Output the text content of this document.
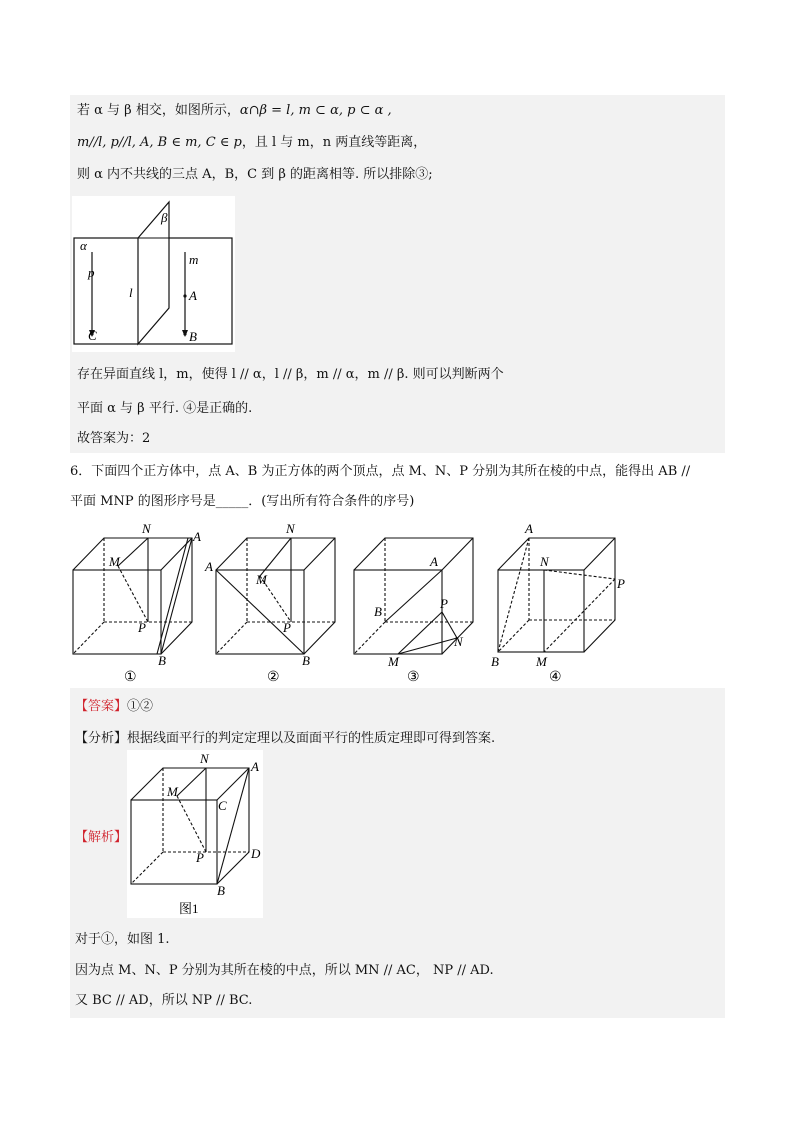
若 α 与 β 相交，如图所示，α∩β = l, m ⊂ α, p ⊂ α ,
m//l, p//l, A, B ∈ m, C ∈ p，且 l 与 m，n 两直线等距离，
则 α 内不共线的三点 A，B，C 到 β 的距离相等. 所以排除③;
α
β
p
l
m
A
C	B
存在异面直线 l，m，使得 l // α，l // β，m // α，m // β. 则可以判断两个
平面 α 与 β 平行. ④是正确的.
故答案为：2
6．下面四个正方体中，点 A、B 为正方体的两个顶点，点 M、N、P 分别为其所在棱的中点，能得出 AB //
平面 MNP 的图形序号是_____．(写出所有符合条件的序号)
N
A
M
P
B
①
N
A
M
P
B
②
A
B
P
N
M
③
A
N
P
B	M
④
【答案】①②
【分析】根据线面平行的判定定理以及面面平行的性质定理即可得到答案.
【解析】
N
A
M
C
P	D
B
图1
对于①，如图 1.
因为点 M、N、P 分别为其所在棱的中点，所以 MN // AC， NP // AD.
又 BC // AD，所以 NP // BC.
